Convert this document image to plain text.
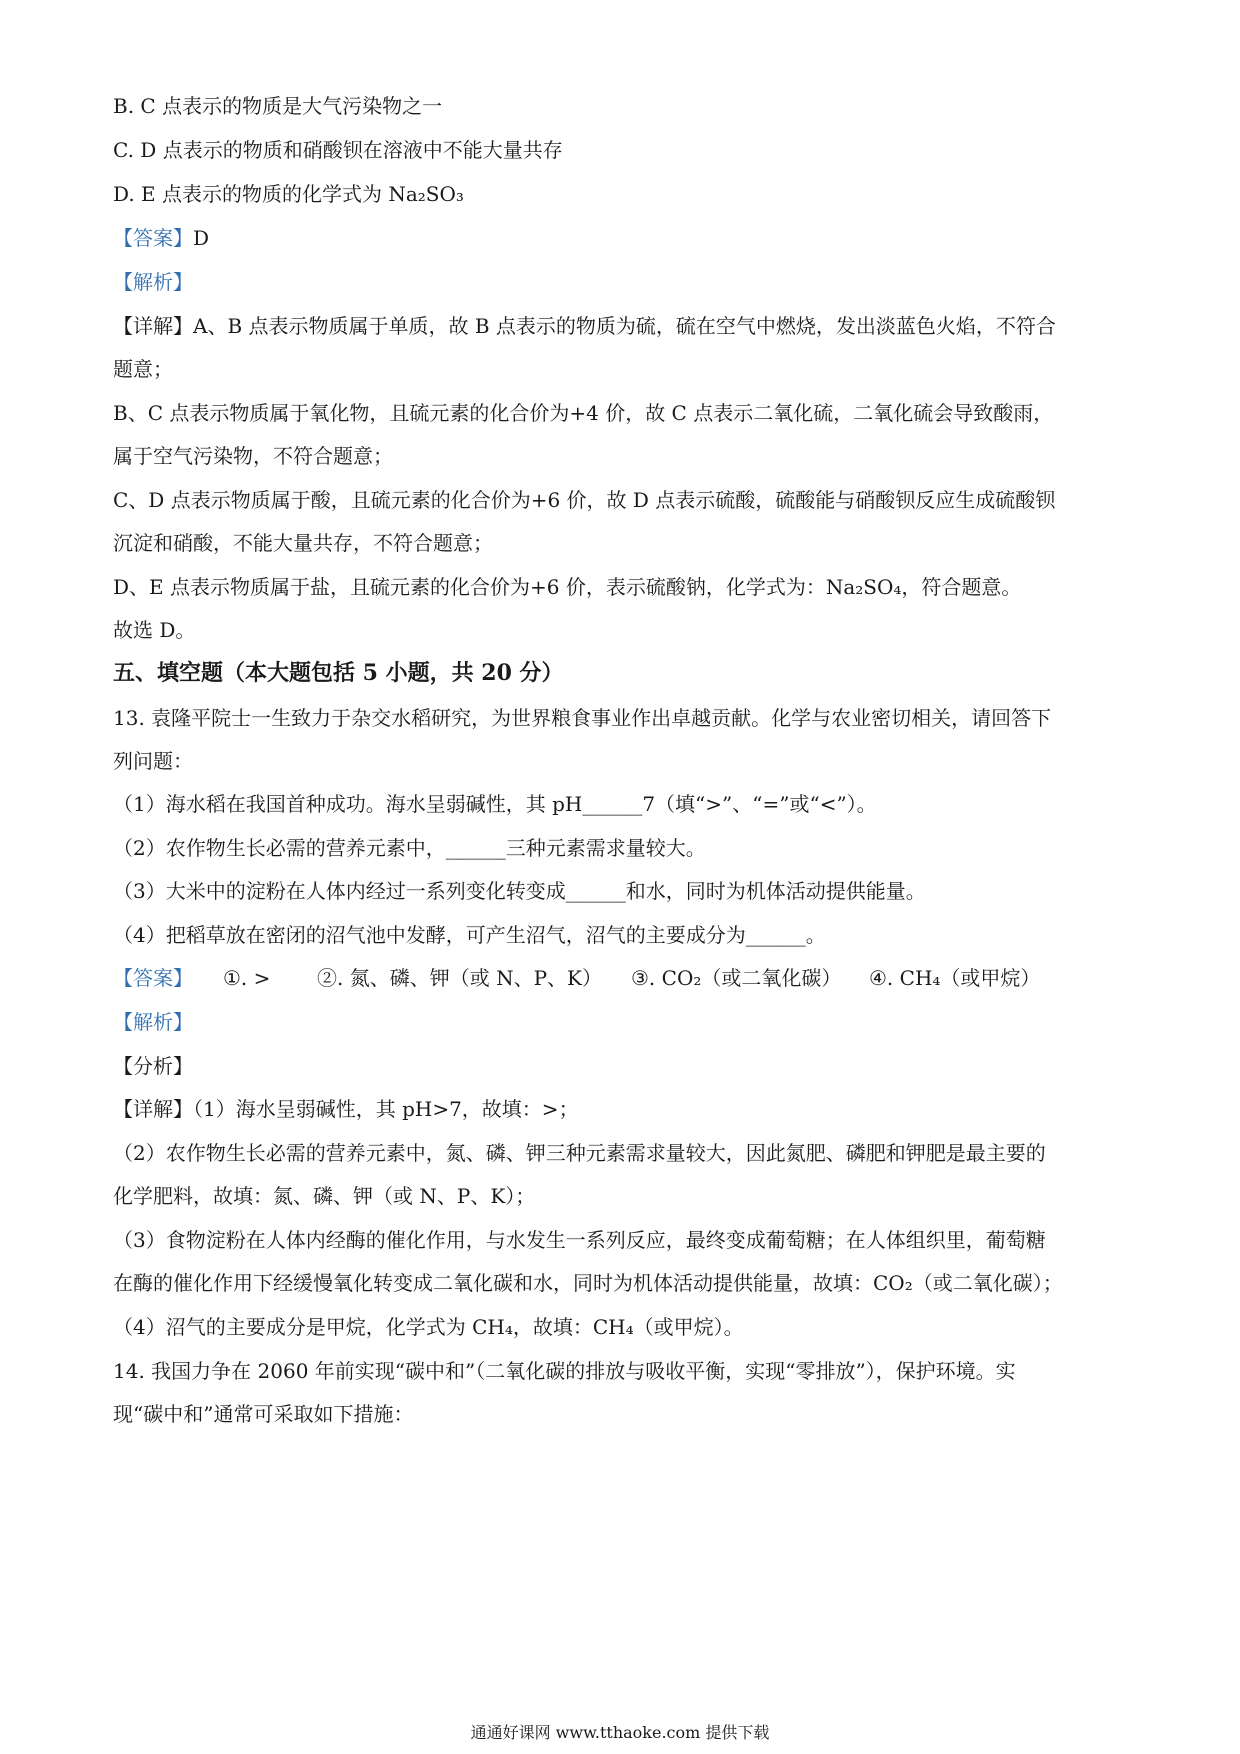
B. C 点表示的物质是大气污染物之一
C. D 点表示的物质和硝酸钡在溶液中不能大量共存
D. E 点表示的物质的化学式为 Na₂SO₃
【答案】D
【解析】
【详解】A、B 点表示物质属于单质，故 B 点表示的物质为硫，硫在空气中燃烧，发出淡蓝色火焰，不符合
题意；
B、C 点表示物质属于氧化物，且硫元素的化合价为+4 价，故 C 点表示二氧化硫，二氧化硫会导致酸雨，
属于空气污染物，不符合题意；
C、D 点表示物质属于酸，且硫元素的化合价为+6 价，故 D 点表示硫酸，硫酸能与硝酸钡反应生成硫酸钡
沉淀和硝酸，不能大量共存，不符合题意；
D、E 点表示物质属于盐，且硫元素的化合价为+6 价，表示硫酸钠，化学式为：Na₂SO₄，符合题意。
故选 D。
五、填空题（本大题包括 5 小题，共 20 分）
13. 袁隆平院士一生致力于杂交水稻研究，为世界粮食事业作出卓越贡献。化学与农业密切相关，请回答下
列问题：
（1）海水稻在我国首种成功。海水呈弱碱性，其 pH______7（填“>”、“=”或“<”）。
（2）农作物生长必需的营养元素中，______三种元素需求量较大。
（3）大米中的淀粉在人体内经过一系列变化转变成______和水，同时为机体活动提供能量。
（4）把稻草放在密闭的沼气池中发酵，可产生沼气，沼气的主要成分为______。
【答案】 ①. > ②. 氮、磷、钾（或 N、P、K） ③. CO₂（或二氧化碳） ④. CH₄（或甲烷）
【解析】
【分析】
【详解】（1）海水呈弱碱性，其 pH>7，故填：>；
（2）农作物生长必需的营养元素中，氮、磷、钾三种元素需求量较大，因此氮肥、磷肥和钾肥是最主要的
化学肥料，故填：氮、磷、钾（或 N、P、K）；
（3）食物淀粉在人体内经酶的催化作用，与水发生一系列反应，最终变成葡萄糖；在人体组织里，葡萄糖
在酶的催化作用下经缓慢氧化转变成二氧化碳和水，同时为机体活动提供能量，故填：CO₂（或二氧化碳）；
（4）沼气的主要成分是甲烷，化学式为 CH₄，故填：CH₄（或甲烷）。
14. 我国力争在 2060 年前实现“碳中和”（二氧化碳的排放与吸收平衡，实现“零排放”），保护环境。实
现“碳中和”通常可采取如下措施：
通通好课网 www.tthaoke.com 提供下载
